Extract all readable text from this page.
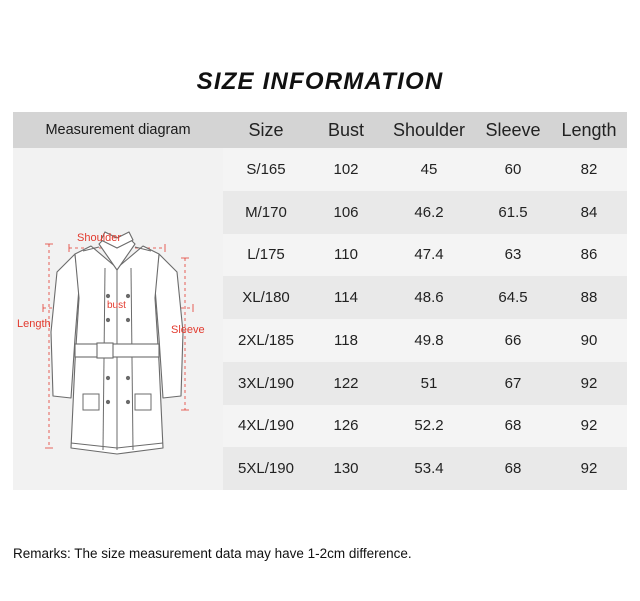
SIZE INFORMATION
Measurement diagram	Size	Bust	Shoulder	Sleeve	Length

Shoulder
bust
Length Sleeve	S/165	102	45	60	82
	M/170	106	46.2	61.5	84
	L/175	110	47.4	63	86
	XL/180	114	48.6	64.5	88
	2XL/185	118	49.8	66	90
	3XL/190	122	51	67	92
	4XL/190	126	52.2	68	92
	5XL/190	130	53.4	68	92
Remarks: The size measurement data may have 1-2cm difference.
